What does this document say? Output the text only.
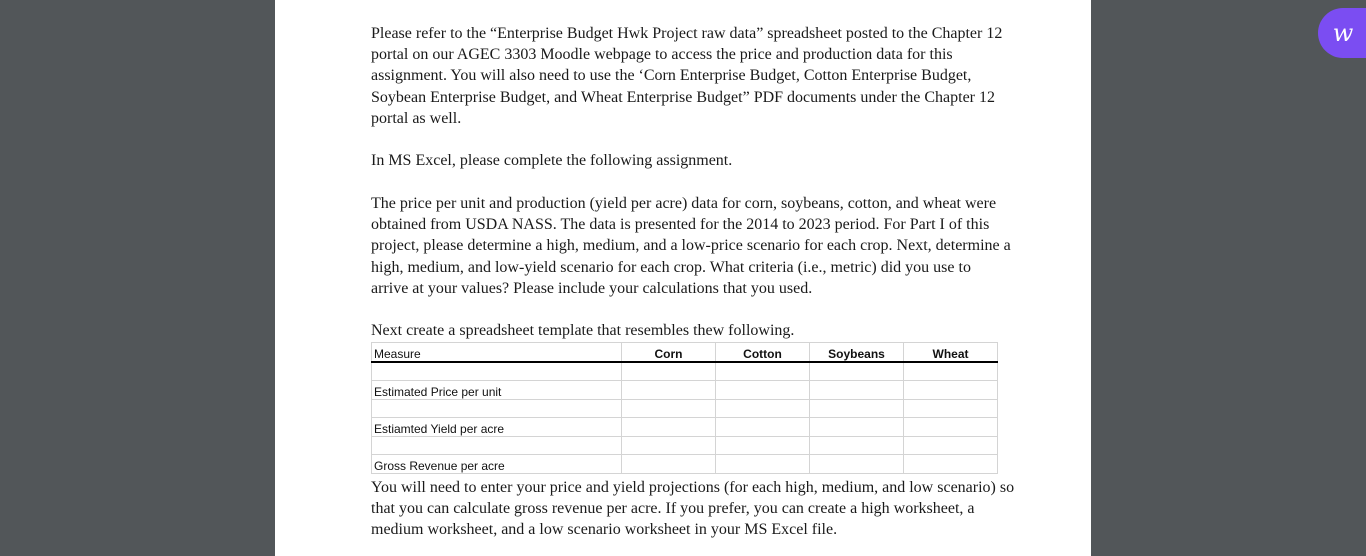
Please refer to the “Enterprise Budget Hwk Project raw data” spreadsheet posted to the Chapter 12 portal on our AGEC 3303 Moodle webpage to access the price and production data for this assignment. You will also need to use the ‘Corn Enterprise Budget, Cotton Enterprise Budget, Soybean Enterprise Budget, and Wheat Enterprise Budget” PDF documents under the Chapter 12 portal as well.

In MS Excel, please complete the following assignment.

The price per unit and production (yield per acre) data for corn, soybeans, cotton, and wheat were obtained from USDA NASS. The data is presented for the 2014 to 2023 period. For Part I of this project, please determine a high, medium, and a low-price scenario for each crop. Next, determine a high, medium, and low-yield scenario for each crop. What criteria (i.e., metric) did you use to arrive at your values? Please include your calculations that you used.

Next create a spreadsheet template that resembles thew following.

Measure	Corn	Cotton	Soybeans	Wheat

Estimated Price per unit				

Estiamted Yield per acre				

Gross Revenue per acre				

You will need to enter your price and yield projections (for each high, medium, and low scenario) so that you can calculate gross revenue per acre. If you prefer, you can create a high worksheet, a medium worksheet, and a low scenario worksheet in your MS Excel file.

w
